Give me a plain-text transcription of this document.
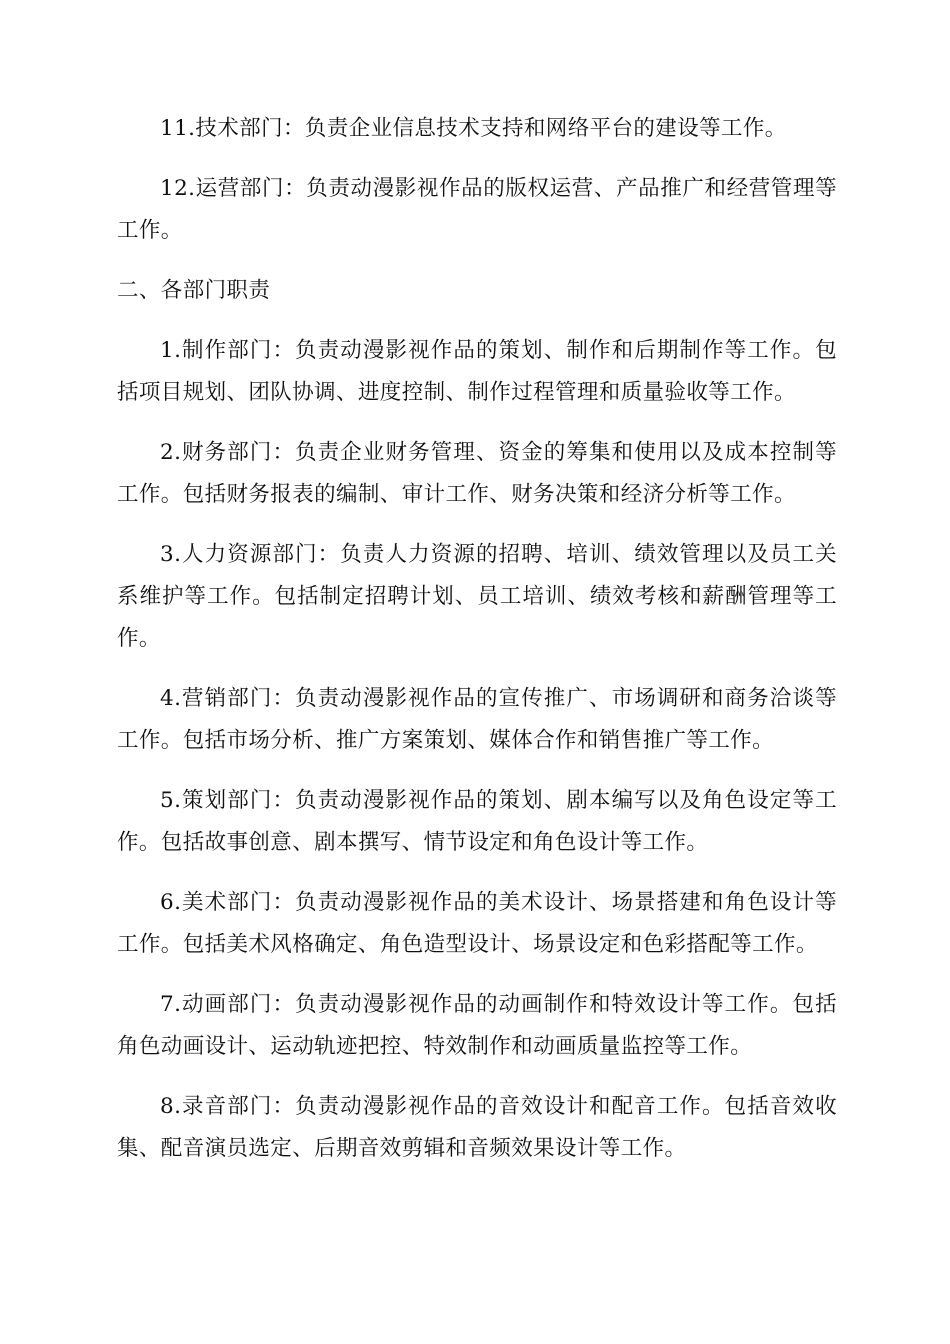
11.技术部门：负责企业信息技术支持和网络平台的建设等工作。

12.运营部门：负责动漫影视作品的版权运营、产品推广和经营管理等工作。

二、各部门职责

1.制作部门：负责动漫影视作品的策划、制作和后期制作等工作。包括项目规划、团队协调、进度控制、制作过程管理和质量验收等工作。

2.财务部门：负责企业财务管理、资金的筹集和使用以及成本控制等工作。包括财务报表的编制、审计工作、财务决策和经济分析等工作。

3.人力资源部门：负责人力资源的招聘、培训、绩效管理以及员工关系维护等工作。包括制定招聘计划、员工培训、绩效考核和薪酬管理等工作。

4.营销部门：负责动漫影视作品的宣传推广、市场调研和商务洽谈等工作。包括市场分析、推广方案策划、媒体合作和销售推广等工作。

5.策划部门：负责动漫影视作品的策划、剧本编写以及角色设定等工作。包括故事创意、剧本撰写、情节设定和角色设计等工作。

6.美术部门：负责动漫影视作品的美术设计、场景搭建和角色设计等工作。包括美术风格确定、角色造型设计、场景设定和色彩搭配等工作。

7.动画部门：负责动漫影视作品的动画制作和特效设计等工作。包括角色动画设计、运动轨迹把控、特效制作和动画质量监控等工作。

8.录音部门：负责动漫影视作品的音效设计和配音工作。包括音效收集、配音演员选定、后期音效剪辑和音频效果设计等工作。
